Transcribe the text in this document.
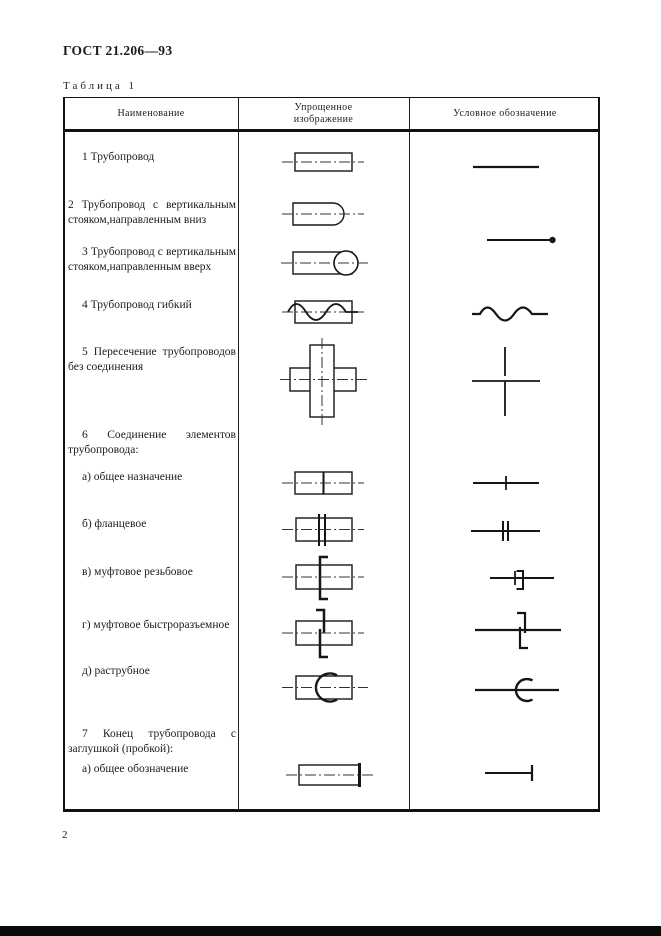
ГОСТ 21.206—93
Таблица 1
Наименование
Упрощенное
изображение
Условное обозначение
1 Трубопровод
2 Трубопровод с вертикальным
стояком,направленным вниз
3 Трубопровод с вертикальным
стояком,направленным вверх
4 Трубопровод гибкий
5 Пересечение трубопроводов
без соединения
6 Соединение элементов
трубопровода:
а) общее назначение
б) фланцевое
в) муфтовое резьбовое
г) муфтовое быстроразъемное
д) раструбное
7 Конец трубопровода с
заглушкой (пробкой):
а) общее обозначение
2
